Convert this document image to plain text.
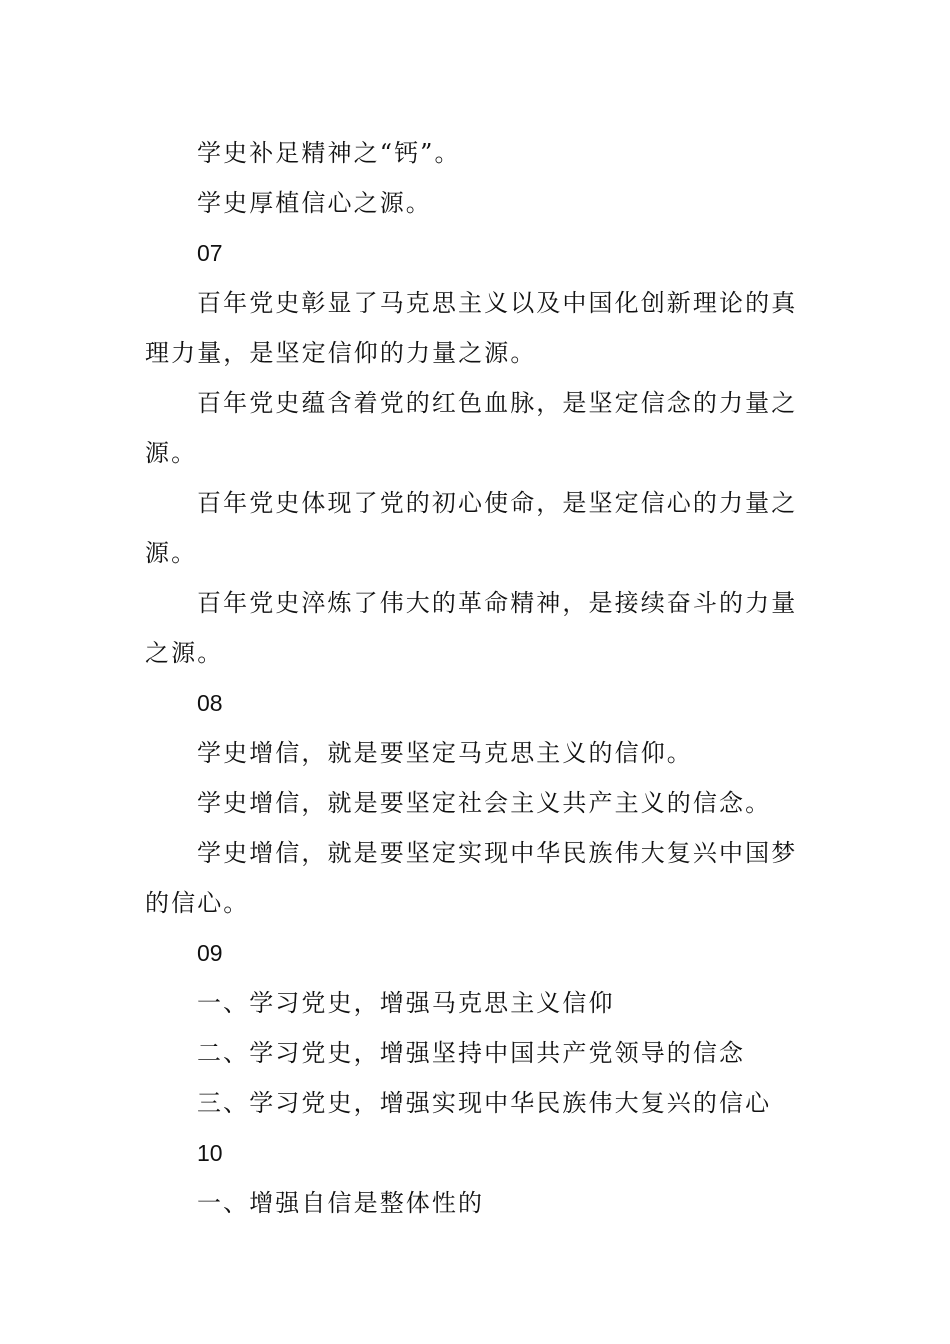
学史补足精神之“钙”。

学史厚植信心之源。

07

百年党史彰显了马克思主义以及中国化创新理论的真理力量，是坚定信仰的力量之源。

百年党史蕴含着党的红色血脉，是坚定信念的力量之源。

百年党史体现了党的初心使命，是坚定信心的力量之源。

百年党史淬炼了伟大的革命精神，是接续奋斗的力量之源。

08

学史增信，就是要坚定马克思主义的信仰。

学史增信，就是要坚定社会主义共产主义的信念。

学史增信，就是要坚定实现中华民族伟大复兴中国梦的信心。

09

一、学习党史，增强马克思主义信仰

二、学习党史，增强坚持中国共产党领导的信念

三、学习党史，增强实现中华民族伟大复兴的信心

10

一、增强自信是整体性的
